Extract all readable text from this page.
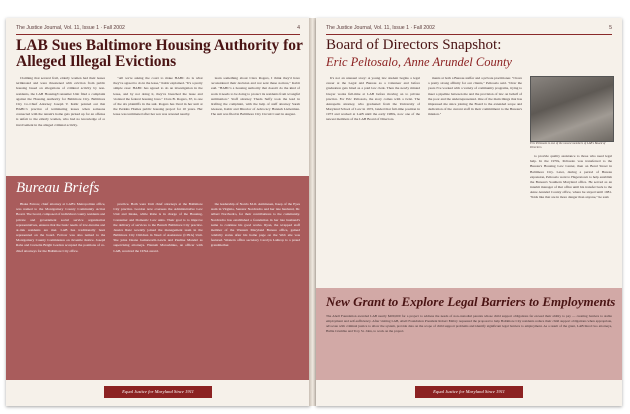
The Justice Journal, Vol. 11, Issue 1 · Fall 2002	4
LAB Sues Baltimore Housing Authority for Alleged Illegal Evictions

Claiming that several frail, elderly women had their leases terminated and were threatened with eviction from public housing based on allegations of criminal activity by non-residents, the LAB Housing/Consumer Unit filed a complaint against the Housing Authority for Baltimore City. Baltimore City Co-Chief Attorney Joseph V. Kabir pointed out that HABC's practice of terminating leases when someone connected with the tenant's home gets picked up for an offense is unfair to the elderly women, who had no knowledge of or involvement in the alleged criminal activity.

"All we're asking the court to make HABC do is what they've agreed to do in the lease," Kabir explained. "It's a pretty simple case: HABC has agreed to do an investigation in the lease, and by not doing it, they've breached the lease and violated the federal housing laws." Clara B. Rogers, 67, is one of the six plaintiffs in the suit. Rogers has lived in her unit at the Perkins Homes public housing project for 10 years. Her lease was terminated after her son was arrested nearby.

learn something about Clara Rogers, I think they'd have reconsidered their decision and not sent these notices," Kabir said. "HABC's a housing authority that doesn't do the kind of work it needs to be doing to protect its residents from wrongful termination." Staff attorney Theda Suffy took the lead in drafting the complaint, with the help of staff attorney Sarah Gleason, Kabir and Director of Advocacy Hannah Lieberman. The suit was filed in Baltimore City Circuit Court in August.

Bureau Briefs

Blake Fetrow, chief attorney at LAB's Metropolitan office, was named to the Montgomery County Community Action Board. The board, composed of individual county residents and private and government social service organization representatives, ensures that the basic needs of low-income and at-risk residents are met. LAB has traditionally been represented on the board. Fetrow was also named to the Montgomery County Commission on Juvenile Justice. Joseph Rabe and Cornelia Bright Gordon accepted the positions of co-chief attorneys for the Baltimore City office.

practice. Both were Unit chief attorneys at the Baltimore City practice. Gordon now oversees the Administrative Law Unit and Intake, while Rabe is in charge of the Housing, Consumer and Domestic Law units. Their goal is to improve the delivery of services to the Baruch Baltimore City practice. Jessica Ruiz recently joined the management team in the Baltimore City Children in Need of Assistance (CINA) Unit. She joins Deana Gainsworth-Lewis and Pauline Mandel as supervising attorneys. Hannah Maroshinko, an officer with LAB, received the CINA award.

the leadership of Norris M.O. Antimesen, Keep of the Eyes team in Virginia, Senator Nordvedro and her late husband, Dr. Albert Nordvedro, for their contributions to the community. Nordvedro has established a foundation in her late husband's name to continue his good works. Ryan, the wrapped staff member of the Western Maryland Bureau office, gained celebrity status after his home page on the Web site was featured. Western office secretary Carolyn Lathrop is a proud grandmother.

Equal Justice for Maryland Since 1911
The Justice Journal, Vol. 11, Issue 1 · Fall 2002	5
Board of Directors Snapshot:
Eric Peltosalo, Anne Arundel County

It's not an unusual story: A young law student begins a legal career at the Legal Aid Bureau as a volunteer and before graduation gets hired as a paid law clerk. Then the newly minted lawyer works full-time at LAB before moving on to private practice. For Eric Peltosalo, the story comes with a twist. The Annapolis attorney, who graduated from the University of Maryland School of Law in 1972, landed that full-time position in 1973 and worked at LAB until the early 1980s, now one of the newest members of the LAB Board of Directors.

ments at both a Bureau staffer and a private practitioner. "I have a pretty strong affinity for our clients," Peltosalo said. "Over the years I've worked with a variety of community programs, trying to meet a pipeline between me and the provision of law on behalf of the poor and the underrepresented. One of the main things that has impressed me since joining the Board is the extended scope and dedication of the current staff in their commitment to the Bureau's mission."

Eric Peltosalo is one of the newest members of LAB's Board of Directors.

to provide quality assistance to those who need legal help. In the 1970s, Peltosalo was transferred to the Bureau's Housing Law Center, then on Bond Street in Baltimore City. Later, during a period of Bureau expansion, Peltosalo went to Hagerstown to help establish the Bureau's Southern Maryland office. He served as an interim manager of that office until his transfer back to the Anne Arundel County office, where he stayed until 1981. "Kids like that are in more danger than anyone," he said.

New Grant to Explore Legal Barriers to Employments
The Abell Foundation awarded LAB nearly $200,000 for a project to address the needs of non-custodial parents whose child support obligations far exceed their ability to pay — creating barriers to stable employment and self-sufficiency. After visiting LAB, Abell Foundation President Robert Embry requested the proposal to help Baltimore City residents reduce their child support obligations when appropriate, advocate with criminal justice to allow the system, provide data on the scope of child support problems and identify significant legal barriers to employment. As a result of the grant, LAB hired two attorneys, Hallie Crumbie and Troy St. John, to work on the project.
Equal Justice for Maryland Since 1911
